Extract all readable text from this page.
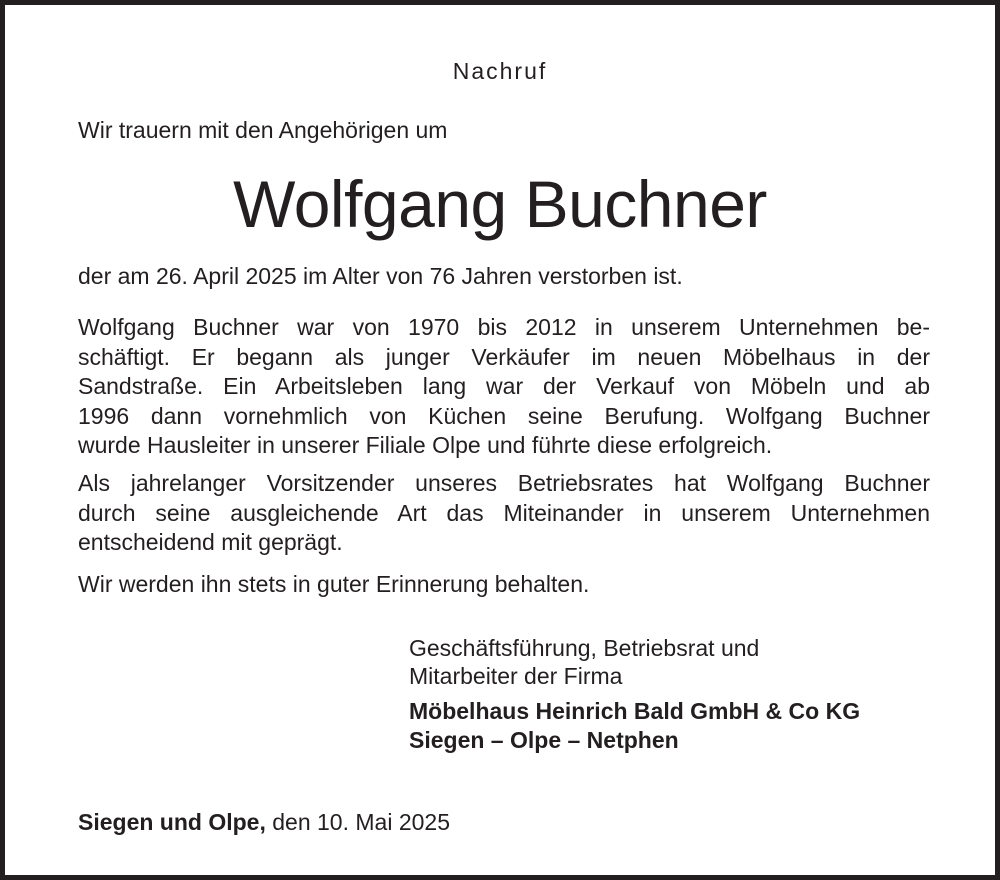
Nachruf

Wir trauern mit den Angehörigen um

Wolfgang Buchner

der am 26. April 2025 im Alter von 76 Jahren verstorben ist.

Wolfgang Buchner war von 1970 bis 2012 in unserem Unternehmen be-
schäftigt. Er begann als junger Verkäufer im neuen Möbelhaus in der
Sandstraße. Ein Arbeitsleben lang war der Verkauf von Möbeln und ab
1996 dann vornehmlich von Küchen seine Berufung. Wolfgang Buchner
wurde Hausleiter in unserer Filiale Olpe und führte diese erfolgreich.
Als jahrelanger Vorsitzender unseres Betriebsrates hat Wolfgang Buchner
durch seine ausgleichende Art das Miteinander in unserem Unternehmen
entscheidend mit geprägt.

Wir werden ihn stets in guter Erinnerung behalten.

Geschäftsführung, Betriebsrat und
Mitarbeiter der Firma
Möbelhaus Heinrich Bald GmbH & Co KG
Siegen – Olpe – Netphen

Siegen und Olpe, den 10. Mai 2025
